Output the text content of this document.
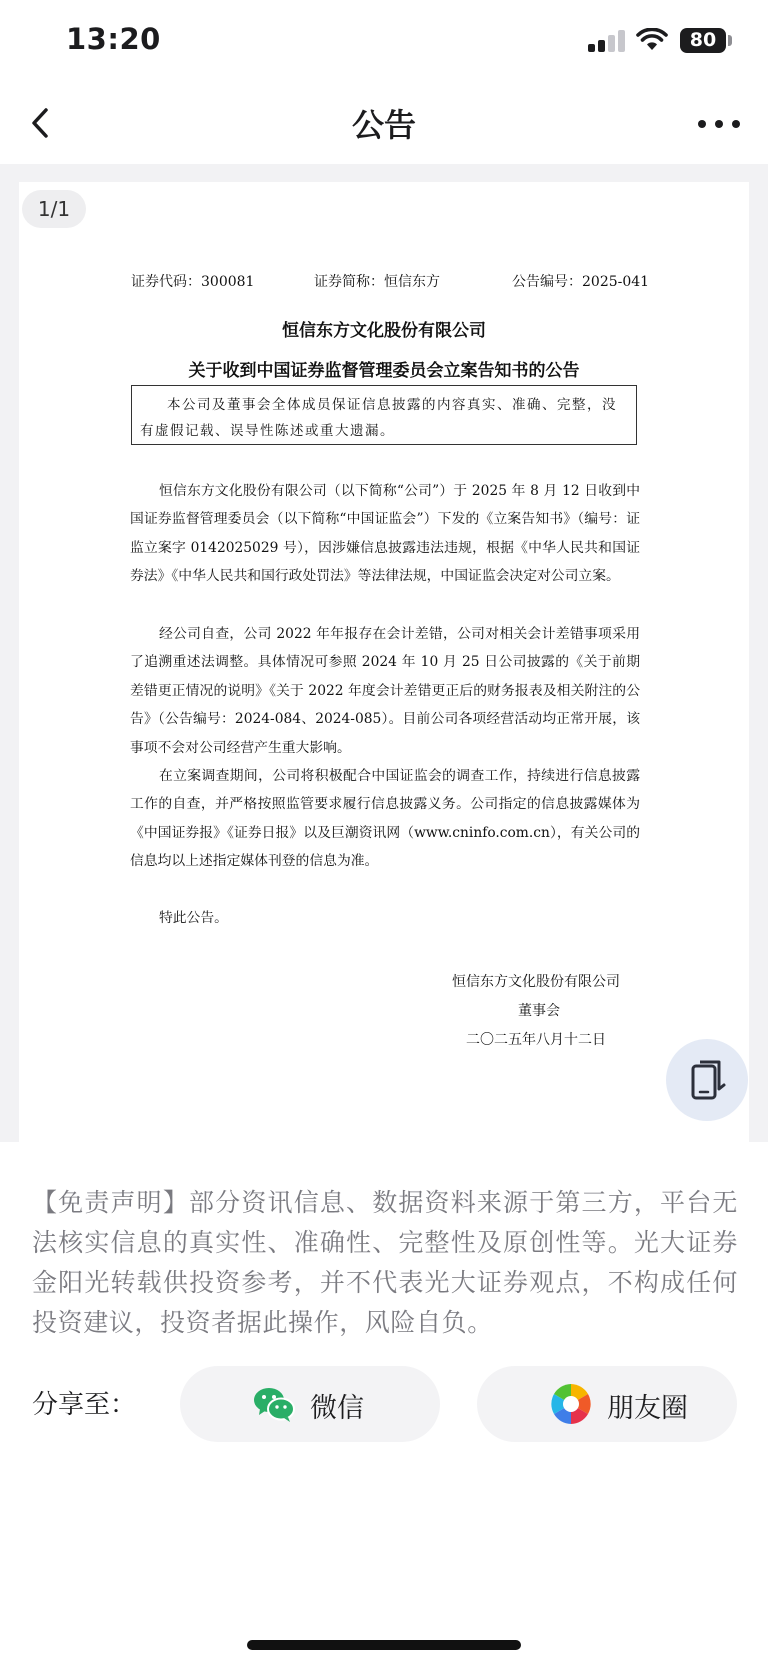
13:20	80
公告
1/1
证券代码：300081	证券简称：恒信东方	公告编号：2025-041
恒信东方文化股份有限公司
关于收到中国证券监督管理委员会立案告知书的公告
本公司及董事会全体成员保证信息披露的内容真实、准确、完整，没有虚假记载、误导性陈述或重大遗漏。
恒信东方文化股份有限公司（以下简称“公司”）于 2025 年 8 月 12 日收到中国证券监督管理委员会（以下简称“中国证监会”）下发的《立案告知书》（编号：证监立案字 0142025029 号），因涉嫌信息披露违法违规，根据《中华人民共和国证券法》《中华人民共和国行政处罚法》等法律法规，中国证监会决定对公司立案。
经公司自查，公司 2022 年年报存在会计差错，公司对相关会计差错事项采用了追溯重述法调整。具体情况可参照 2024 年 10 月 25 日公司披露的《关于前期差错更正情况的说明》《关于 2022 年度会计差错更正后的财务报表及相关附注的公告》（公告编号：2024-084、2024-085）。目前公司各项经营活动均正常开展，该事项不会对公司经营产生重大影响。
在立案调查期间，公司将积极配合中国证监会的调查工作，持续进行信息披露工作的自查，并严格按照监管要求履行信息披露义务。公司指定的信息披露媒体为《中国证券报》《证券日报》以及巨潮资讯网（www.cninfo.com.cn），有关公司的信息均以上述指定媒体刊登的信息为准。
特此公告。
恒信东方文化股份有限公司
董事会
二〇二五年八月十二日
【免责声明】部分资讯信息、数据资料来源于第三方，平台无法核实信息的真实性、准确性、完整性及原创性等。光大证券金阳光转载供投资参考，并不代表光大证券观点，不构成任何投资建议，投资者据此操作，风险自负。
分享至：	微信	朋友圈
